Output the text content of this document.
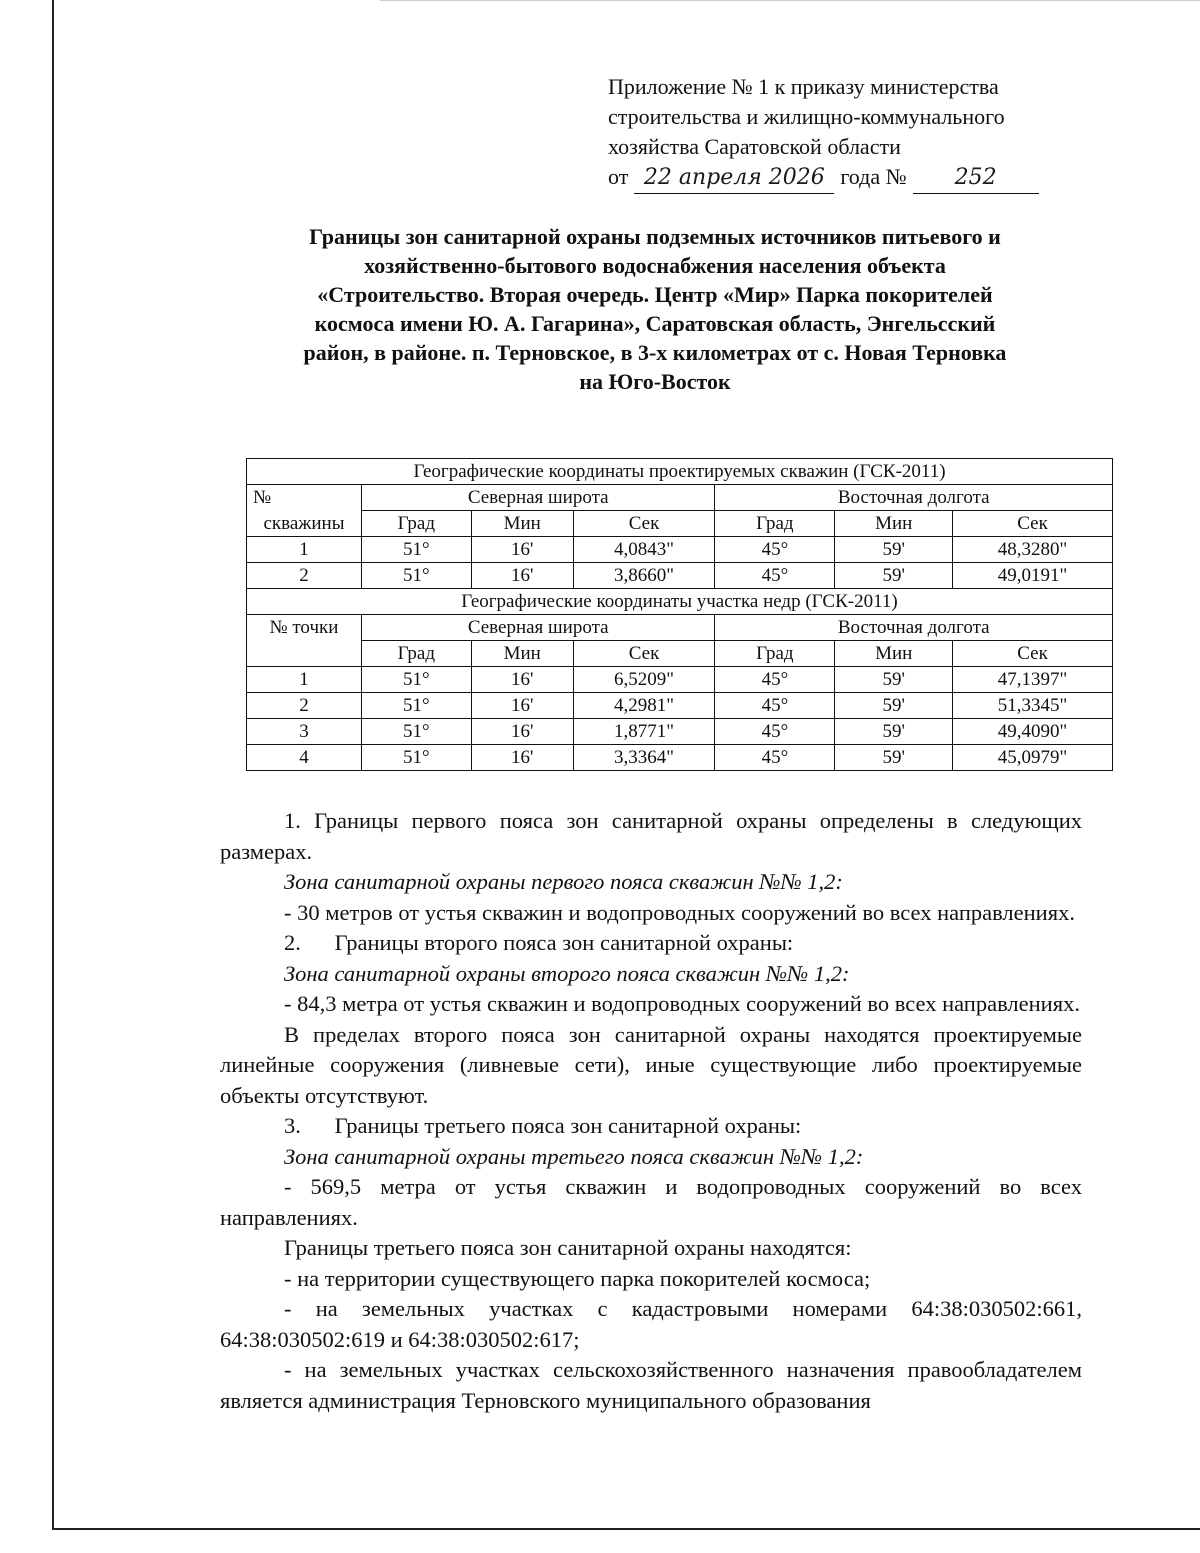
Приложение № 1 к приказу министерства
строительства и жилищно-коммунального
хозяйства Саратовской области
от 22 апреля 2026 года № 252
Границы зон санитарной охраны подземных источников питьевого и
хозяйственно-бытового водоснабжения населения объекта
«Строительство. Вторая очередь. Центр «Мир» Парка покорителей
космоса имени Ю. А. Гагарина», Саратовская область, Энгельсский
район, в районе. п. Терновское, в 3-х километрах от с. Новая Терновка
на Юго-Восток
Географические координаты проектируемых скважин (ГСК-2011)						
№	Северная широта			Восточная долгота		
скважины	Град	Мин	Сек	Град	Мин	Сек
1	51°	16'	4,0843"	45°	59'	48,3280"
2	51°	16'	3,8660"	45°	59'	49,0191"
Географические координаты участка недр (ГСК-2011)						
№ точки	Северная широта			Восточная долгота		
	Град	Мин	Сек	Град	Мин	Сек
1	51°	16'	6,5209"	45°	59'	47,1397"
2	51°	16'	4,2981"	45°	59'	51,3345"
3	51°	16'	1,8771"	45°	59'	49,4090"
4	51°	16'	3,3364"	45°	59'	45,0979"

1. Границы первого пояса зон санитарной охраны определены в следующих размерах.

Зона санитарной охраны первого пояса скважин №№ 1,2:

- 30 метров от устья скважин и водопроводных сооружений во всех направлениях.

2.      Границы второго пояса зон санитарной охраны:

Зона санитарной охраны второго пояса скважин №№ 1,2:

- 84,3 метра от устья скважин и водопроводных сооружений во всех направлениях.

В пределах второго пояса зон санитарной охраны находятся проектируемые линейные сооружения (ливневые сети), иные существующие либо проектируемые объекты отсутствуют.

3.      Границы третьего пояса зон санитарной охраны:

Зона санитарной охраны третьего пояса скважин №№ 1,2:

- 569,5 метра от устья скважин и водопроводных сооружений во всех направлениях.

Границы третьего пояса зон санитарной охраны находятся:

- на территории существующего парка покорителей космоса;

- на земельных участках с кадастровыми номерами 64:38:030502:661, 64:38:030502:619 и 64:38:030502:617;

- на земельных участках сельскохозяйственного назначения правообладателем является администрация Терновского муниципального образования
